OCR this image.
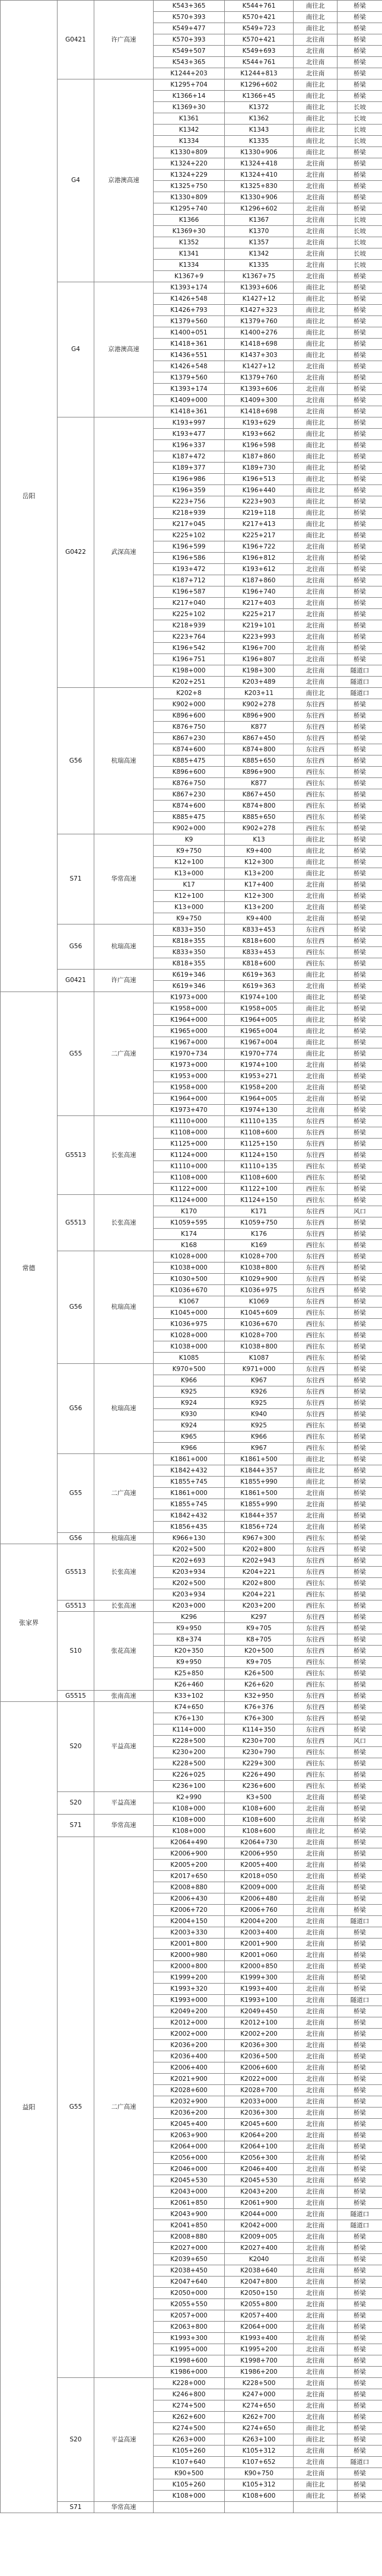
岳阳	G0421	许广高速	K543+365	K544+761	南往北	桥梁
			K570+393	K570+421	南往北	桥梁
			K549+477	K549+723	南往北	桥梁
			K570+393	K570+421	北往南	桥梁
			K549+507	K549+693	北往南	桥梁
			K543+365	K544+761	北往南	桥梁
			K1244+203	K1244+813	北往南	桥梁
	G4	京港澳高速	K1295+704	K1296+602	南往北	桥梁
			K1366+14	K1366+45	南往北	桥梁
			K1369+30	K1372	南往北	长坡
			K1361	K1362	南往北	长坡
			K1342	K1343	南往北	长坡
			K1334	K1335	南往北	长坡
			K1330+809	K1330+906	南往北	桥梁
			K1324+220	K1324+418	北往南	桥梁
			K1324+229	K1324+410	北往南	桥梁
			K1325+750	K1325+830	北往南	桥梁
			K1330+809	K1330+906	北往南	桥梁
			K1295+740	K1296+602	北往南	桥梁
			K1366	K1367	北往南	长坡
			K1369+30	K1370	北往南	长坡
			K1352	K1357	北往南	长坡
			K1341	K1342	北往南	长坡
			K1334	K1335	北往南	长坡
			K1367+9	K1367+75	北往南	桥梁
	G4	京港澳高速	K1393+174	K1393+606	南往北	桥梁
			K1426+548	K1427+12	南往北	桥梁
			K1426+793	K1427+323	南往北	桥梁
			K1379+560	K1379+760	南往北	桥梁
			K1400+051	K1400+276	南往北	桥梁
			K1418+361	K1418+698	南往北	桥梁
			K1436+551	K1437+303	南往北	桥梁
			K1426+548	K1427+12	北往南	桥梁
			K1379+560	K1379+760	北往南	桥梁
			K1393+174	K1393+606	北往南	桥梁
			K1409+000	K1409+300	北往南	桥梁
			K1418+361	K1418+698	北往南	桥梁
	G0422	武深高速	K193+997	K193+629	南往北	桥梁
			K193+477	K193+662	南往北	桥梁
			K196+337	K196+598	南往北	桥梁
			K187+472	K187+860	南往北	桥梁
			K189+377	K189+730	南往北	桥梁
			K196+986	K196+513	南往北	桥梁
			K196+359	K196+440	南往北	桥梁
			K223+756	K223+903	南往北	桥梁
			K218+939	K219+118	南往北	桥梁
			K217+045	K217+413	南往北	桥梁
			K225+102	K225+217	南往北	桥梁
			K196+599	K196+722	北往南	桥梁
			K196+586	K196+812	北往南	桥梁
			K193+472	K193+612	北往南	桥梁
			K187+712	K187+860	北往南	桥梁
			K196+587	K196+740	北往南	桥梁
			K217+040	K217+403	北往南	桥梁
			K225+102	K225+217	北往南	桥梁
			K218+939	K219+101	北往南	桥梁
			K223+764	K223+993	北往南	桥梁
			K196+542	K196+700	北往南	桥梁
			K196+751	K196+807	北往南	桥梁
			K198+000	K198+300	北往南	隧道口
			K202+251	K203+489	北往南	隧道口
	G56	杭瑞高速	K202+8	K203+11	南往北	隧道口
			K902+000	K902+278	东往西	桥梁
			K896+600	K896+900	东往西	桥梁
			K876+750	K877	东往西	桥梁
			K867+230	K867+450	东往西	桥梁
			K874+600	K874+800	东往西	桥梁
			K885+475	K885+650	东往西	桥梁
			K896+600	K896+900	西往东	桥梁
			K876+750	K877	西往东	桥梁
			K867+230	K867+450	西往东	桥梁
			K874+600	K874+800	西往东	桥梁
			K885+475	K885+650	西往东	桥梁
			K902+000	K902+278	西往东	桥梁
	S71	华常高速	K9	K13	南往北	桥梁
			K9+750	K9+400	南往北	桥梁
			K12+100	K12+300	南往北	桥梁
			K13+000	K13+200	南往北	桥梁
			K17	K17+400	北往南	桥梁
			K12+100	K12+300	北往南	桥梁
			K13+000	K13+200	北往南	桥梁
			K9+750	K9+400	北往南	桥梁
	G56	杭瑞高速	K833+350	K833+453	东往西	桥梁
			K818+355	K818+600	东往西	桥梁
			K833+350	K833+453	西往东	桥梁
			K818+355	K818+600	西往东	桥梁
	G0421	许广高速	K619+346	K619+363	南往北	桥梁
			K619+346	K619+363	北往南	桥梁
常德	G55	二广高速	K1973+000	K1974+100	南往北	桥梁
			K1958+000	K1958+005	南往北	桥梁
			K1964+000	K1964+005	南往北	桥梁
			K1965+000	K1965+004	南往北	桥梁
			K1967+000	K1967+004	南往北	桥梁
			K1970+734	K1970+774	南往北	桥梁
			K1973+000	K1974+100	北往南	桥梁
			K1953+000	K1953+271	北往南	桥梁
			K1958+000	K1958+200	北往南	桥梁
			K1964+000	K1964+005	北往南	桥梁
			K1973+470	K1974+130	北往南	桥梁
	G5513	长张高速	K1110+000	K1110+135	东往西	桥梁
			K1108+000	K1108+600	东往西	桥梁
			K1125+000	K1125+150	东往西	桥梁
			K1124+000	K1124+150	东往西	桥梁
			K1110+000	K1110+135	西往东	桥梁
			K1108+000	K1108+600	西往东	桥梁
			K1122+000	K1122+100	西往东	桥梁
	G5513	长张高速	K1124+000	K1124+150	西往东	桥梁
			K170	K171	东往西	风口
			K1059+595	K1059+750	东往西	桥梁
			K174	K176	东往西	桥梁
			K168	K169	西往东	桥梁
	G56	杭瑞高速	K1028+000	K1028+700	东往西	桥梁
			K1038+000	K1038+800	东往西	桥梁
			K1030+500	K1029+900	东往西	桥梁
			K1036+670	K1036+975	东往西	桥梁
			K1067	K1069	东往西	桥梁
			K1045+000	K1045+609	西往东	桥梁
			K1036+975	K1036+670	西往东	桥梁
			K1028+000	K1028+700	西往东	桥梁
			K1038+000	K1038+800	西往东	桥梁
			K1085	K1087	西往东	桥梁
	G56	杭瑞高速	K970+500	K971+000	东往西	桥梁
			K966	K967	东往西	桥梁
			K925	K926	东往西	桥梁
			K924	K925	东往西	桥梁
			K930	K940	东往西	桥梁
			K924	K925	西往东	桥梁
			K965	K966	西往东	桥梁
			K966	K967	西往东	桥梁
	G55	二广高速	K1861+000	K1861+500	南往北	桥梁
			K1842+432	K1844+357	南往北	桥梁
			K1855+745	K1855+990	南往北	桥梁
			K1861+000	K1861+500	北往南	桥梁
			K1855+745	K1855+990	北往南	桥梁
			K1842+432	K1844+357	北往南	桥梁
			K1856+435	K1856+724	北往南	桥梁
	G56	杭瑞高速	K966+130	K967+300	西往东	桥梁
张家界	G5513	长张高速	K202+500	K202+800	东往西	桥梁
			K202+693	K202+943	东往西	桥梁
			K203+934	K204+221	东往西	桥梁
			K202+500	K202+800	西往东	桥梁
			K203+934	K204+221	西往东	桥梁
	G5513	长张高速	K203+000	K203+200	西往东	桥梁
	S10	张花高速	K296	K297	东往西	桥梁
			K9+950	K9+705	东往西	桥梁
			K8+374	K8+705	东往西	桥梁
			K20+350	K20+500	东往西	桥梁
			K9+950	K9+705	西往东	桥梁
			K25+850	K26+500	西往东	桥梁
			K26+460	K26+620	西往东	桥梁
	G5515	张南高速	K33+102	K32+950	东往西	桥梁
益阳	S20	平益高速	K74+650	K76+376	东往西	桥梁
			K76+130	K76+300	东往西	桥梁
			K114+000	K114+350	东往西	桥梁
			K228+500	K230+700	东往西	风口
			K230+200	K230+790	西往东	桥梁
			K228+500	K229+300	西往东	桥梁
			K226+025	K226+490	西往东	桥梁
			K236+100	K236+600	西往东	桥梁
	S20	平益高速	K2+990	K3+500	北往南	桥梁
			K108+000	K108+600	北往南	桥梁
	S71	华常高速	K108+000	K108+600	北往南	桥梁
			K108+000	K108+600	南往北	桥梁
	G55	二广高速	K2064+490	K2064+730	北往南	桥梁
			K2006+900	K2006+950	北往南	桥梁
			K2005+200	K2005+400	北往南	桥梁
			K2017+650	K2018+050	北往南	桥梁
			K2008+880	K2009+000	北往南	桥梁
			K2006+430	K2006+480	北往南	桥梁
			K2006+720	K2006+760	北往南	桥梁
			K2004+150	K2004+200	北往南	隧道口
			K2003+330	K2003+400	北往南	桥梁
			K2001+800	K2001+900	北往南	桥梁
			K2000+980	K2001+060	北往南	桥梁
			K2000+800	K2000+850	北往南	桥梁
			K1999+200	K1999+300	北往南	桥梁
			K1993+320	K1993+400	北往南	桥梁
			K1993+000	K1993+100	北往南	隧道口
			K2049+200	K2049+450	北往南	桥梁
			K2012+000	K2012+100	北往南	桥梁
			K2002+000	K2002+200	北往南	桥梁
			K2036+200	K2036+300	北往南	桥梁
			K2036+400	K2036+500	北往南	桥梁
			K2006+400	K2006+600	北往南	桥梁
			K2021+900	K2022+000	北往南	桥梁
			K2028+600	K2028+700	北往南	桥梁
			K2032+900	K2033+000	北往南	桥梁
			K2036+200	K2036+300	北往南	桥梁
			K2045+400	K2045+600	北往南	桥梁
			K2063+900	K2064+200	北往南	桥梁
			K2064+000	K2064+100	北往南	桥梁
			K2056+000	K2056+300	北往南	桥梁
			K2046+000	K2046+400	北往南	桥梁
			K2045+530	K2045+530	北往南	桥梁
			K2043+000	K2043+200	北往南	桥梁
			K2061+850	K2061+900	北往南	桥梁
			K2043+900	K2044+000	北往南	隧道口
			K2041+850	K2042+000	北往南	隧道口
			K2008+880	K2009+005	北往南	桥梁
			K2027+000	K2027+400	北往南	桥梁
			K2039+650	K2040	北往南	桥梁
			K2038+450	K2038+640	北往南	桥梁
			K2047+640	K2047+800	北往南	桥梁
			K2050+000	K2050+150	北往南	桥梁
			K2055+550	K2055+800	北往南	桥梁
			K2057+000	K2057+400	北往南	桥梁
			K2063+800	K2064+000	北往南	桥梁
			K1993+300	K1993+400	北往南	桥梁
			K1995+000	K1995+200	北往南	桥梁
			K1998+600	K1998+700	北往南	桥梁
			K1986+000	K1986+200	北往南	桥梁
	S20	平益高速	K228+000	K228+500	北往南	桥梁
			K246+800	K247+000	北往南	桥梁
			K274+500	K274+650	北往南	桥梁
			K262+600	K262+700	北往南	桥梁
			K274+500	K274+650	南往北	桥梁
			K263+000	K263+100	南往北	桥梁
			K105+260	K105+312	北往南	桥梁
			K107+640	K107+652	北往南	隧道口
			K90+500	K90+750	北往南	桥梁
			K105+260	K105+312	南往北	桥梁
			K108+000	K108+600	南往北	桥梁
	S71	华常高速				
